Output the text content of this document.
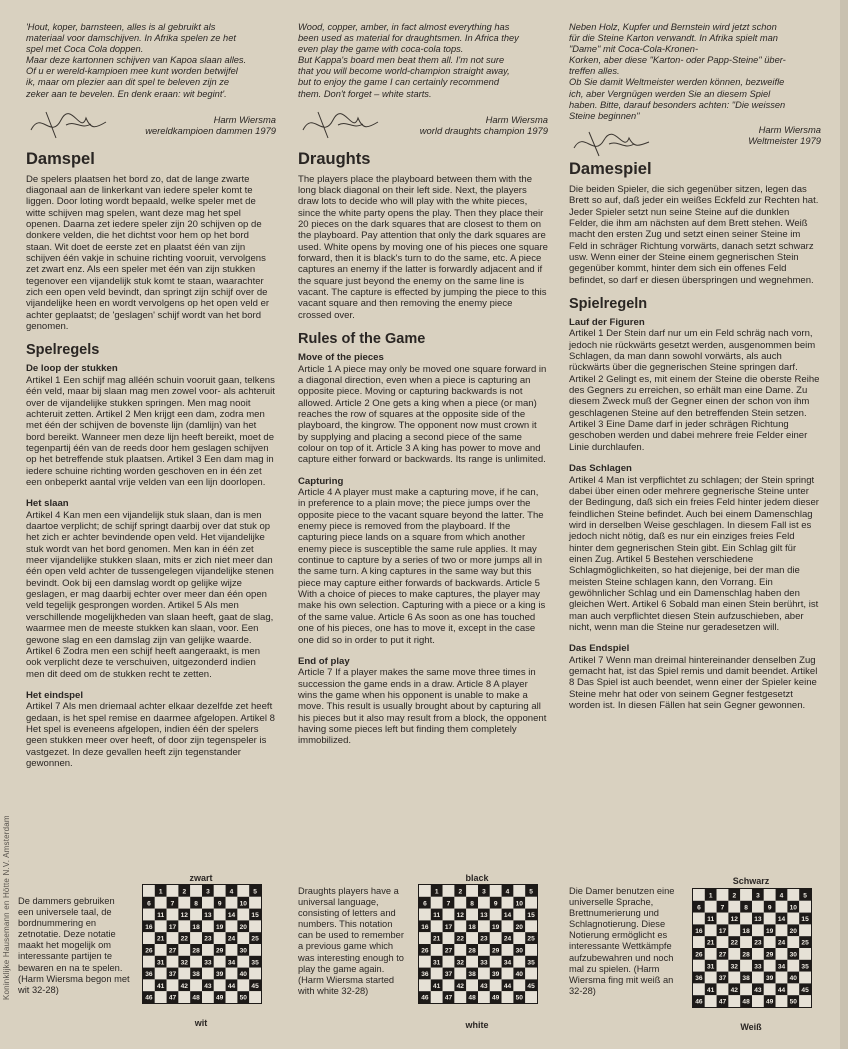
Koninklijke Hausemann en Hötte N.V. Amsterdam

'Hout, koper, barnsteen, alles is al gebruikt als

materiaal voor damschijven. In Afrika spelen ze het

spel met Coca Cola doppen.

Maar deze kartonnen schijven van Kapoa slaan alles.

Of u er wereld-kampioen mee kunt worden betwijfel

ik, maar om plezier aan dit spel te beleven zijn ze

zeker aan te bevelen. En denk eraan: wit begint'.

Harm Wiersma
wereldkampioen dammen 1979
Damspel

De spelers plaatsen het bord zo, dat de lange zwarte diagonaal aan de linkerkant van iedere speler komt te liggen. Door loting wordt bepaald, welke speler met de witte schijven mag spelen, want deze mag het spel openen. Daarna zet iedere speler zijn 20 schijven op de donkere velden, die het dichtst voor hem op het bord staan. Wit doet de eerste zet en plaatst één van zijn schijven één vakje in schuine richting vooruit, vervolgens zet zwart enz. Als een speler met één van zijn stukken tegenover een vijandelijk stuk komt te staan, waarachter zich een open veld bevindt, dan springt zijn schijf over de vijandelijke heen en wordt vervolgens op het open veld er achter geplaatst; de 'geslagen' schijf wordt van het bord genomen.

Spelregels
De loop der stukken

Artikel 1 Een schijf mag alléén schuin vooruit gaan, telkens één veld, maar bij slaan mag men zowel voor- als achteruit over de vijandelijke stukken springen. Men mag nooit achteruit zetten. Artikel 2 Men krijgt een dam, zodra men met één der schijven de bovenste lijn (damlijn) van het bord bereikt. Wanneer men deze lijn heeft bereikt, moet de tegenpartij één van de reeds door hem geslagen schijven op het betreffende stuk plaatsen. Artikel 3 Een dam mag in iedere schuine richting worden geschoven en in één zet een onbeperkt aantal vrije velden van een lijn doorlopen.

Het slaan

Artikel 4 Kan men een vijandelijk stuk slaan, dan is men daartoe verplicht; de schijf springt daarbij over dat stuk op het zich er achter bevindende open veld. Het vijandelijke stuk wordt van het bord genomen. Men kan in één zet meer vijandelijke stukken slaan, mits er zich niet meer dan één open veld achter de tussengelegen vijandelijke stenen bevindt. Ook bij een damslag wordt op gelijke wijze geslagen, er mag daarbij echter over meer dan één open veld tegelijk gesprongen worden. Artikel 5 Als men verschillende mogelijkheden van slaan heeft, gaat de slag, waarmee men de meeste stukken kan slaan, voor. Een gewone slag en een damslag zijn van gelijke waarde. Artikel 6 Zodra men een schijf heeft aangeraakt, is men ook verplicht deze te verschuiven, uitgezonderd indien men dit deed om de stukken recht te zetten.

Het eindspel

Artikel 7 Als men driemaal achter elkaar dezelfde zet heeft gedaan, is het spel remise en daarmee afgelopen. Artikel 8 Het spel is eveneens afgelopen, indien één der spelers geen stukken meer over heeft, of door zijn tegenspeler is vastgezet. In deze gevallen heeft zijn tegenstander gewonnen.

Wood, copper, amber, in fact almost everything has

been used as material for draughtsmen. In Africa they

even play the game with coca-cola tops.

But Kappa's board men beat them all. I'm not sure

that you will become world-champion straight away,

but to enjoy the game I can certainly recommend

them. Don't forget – white starts.

Harm Wiersma
world draughts champion 1979
Draughts

The players place the playboard between them with the long black diagonal on their left side. Next, the players draw lots to decide who will play with the white pieces, since the white party opens the play. Then they place their 20 pieces on the dark squares that are closest to them on the playboard. Pay attention that only the dark squares are used. White opens by moving one of his pieces one square forward, then it is black's turn to do the same, etc. A piece captures an enemy if the latter is forwardly adjacent and if the square just beyond the enemy on the same line is vacant. The capture is effected by jumping the piece to this vacant square and then removing the enemy piece crossed over.

Rules of the Game
Move of the pieces

Article 1 A piece may only be moved one square forward in a diagonal direction, even when a piece is capturing an opposite piece. Moving or capturing backwards is not allowed. Article 2 One gets a king when a piece (or man) reaches the row of squares at the opposite side of the playboard, the kingrow. The opponent now must crown it by supplying and placing a second piece of the same colour on top of it. Article 3 A king has power to move and capture either forward or backwards. Its range is unlimited.

Capturing

Article 4 A player must make a capturing move, if he can, in preference to a plain move; the piece jumps over the opposite piece to the vacant square beyond the latter. The enemy piece is removed from the playboard. If the capturing piece lands on a square from which another enemy piece is susceptible the same rule applies. It may continue to capture by a series of two or more jumps all in the same turn. A king captures in the same way but this piece may capture either forwards of backwards. Article 5 With a choice of pieces to make captures, the player may make his own selection. Capturing with a piece or a king is of the same value. Article 6 As soon as one has touched one of his pieces, one has to move it, except in the case one did so in order to put it right.

End of play

Article 7 If a player makes the same move three times in succession the game ends in a draw. Article 8 A player wins the game when his opponent is unable to make a move. This result is usually brought about by capturing all his pieces but it also may result from a block, the opponent having some pieces left but finding them completely immobilized.

Neben Holz, Kupfer und Bernstein wird jetzt schon

für die Steine Karton verwandt. In Afrika spielt man

"Dame" mit Coca-Cola-Kronen-

Korken, aber diese "Karton- oder Papp-Steine" über-

treffen alles.

Ob Sie damit Weltmeister werden können, bezweifle

ich, aber Vergnügen werden Sie an diesem Spiel

haben. Bitte, darauf besonders achten: "Die weissen

Steine beginnen"

Harm Wiersma
Weltmeister 1979
Damespiel

Die beiden Spieler, die sich gegenüber sitzen, legen das Brett so auf, daß jeder ein weißes Eckfeld zur Rechten hat. Jeder Spieler setzt nun seine Steine auf die dunklen Felder, die ihm am nächsten auf dem Brett stehen. Weiß macht den ersten Zug und setzt einen seiner Steine im Feld in schräger Richtung vorwärts, danach setzt schwarz usw. Wenn einer der Steine einem gegnerischen Stein gegenüber kommt, hinter dem sich ein offenes Feld befindet, so darf er diesen überspringen und wegnehmen.

Spielregeln
Lauf der Figuren

Artikel 1 Der Stein darf nur um ein Feld schräg nach vorn, jedoch nie rückwärts gesetzt werden, ausgenommen beim Schlagen, da man dann sowohl vorwärts, als auch rückwärts über die gegnerischen Steine springen darf. Artikel 2 Gelingt es, mit einem der Steine die oberste Reihe des Gegners zu erreichen, so erhält man eine Dame. Zu diesem Zweck muß der Gegner einen der schon von ihm geschlagenen Steine auf den betreffenden Stein setzen. Artikel 3 Eine Dame darf in jeder schrägen Richtung geschoben werden und dabei mehrere freie Felder einer Linie durchlaufen.

Das Schlagen

Artikel 4 Man ist verpflichtet zu schlagen; der Stein springt dabei über einen oder mehrere gegnerische Steine unter der Bedingung, daß sich ein freies Feld hinter jedem dieser feindlichen Steine befindet. Auch bei einem Damenschlag wird in derselben Weise geschlagen. In diesem Fall ist es jedoch nicht nötig, daß es nur ein einziges freies Feld hinter dem gegnerischen Stein gibt. Ein Schlag gilt für einen Zug. Artikel 5 Bestehen verschiedene Schlagmöglichkeiten, so hat diejenige, bei der man die meisten Steine schlagen kann, den Vorrang. Ein gewöhnlicher Schlag und ein Damenschlag haben den gleichen Wert. Artikel 6 Sobald man einen Stein berührt, ist man auch verpflichtet diesen Stein aufzuschieben, aber nicht, wenn man die Steine nur geradesetzen will.

Das Endspiel

Artikel 7 Wenn man dreimal hintereinander denselben Zug gemacht hat, ist das Spiel remis und damit beendet. Artikel 8 Das Spiel ist auch beendet, wenn einer der Spieler keine Steine mehr hat oder von seinem Gegner festgesetzt worden ist. In diesen Fällen hat sein Gegner gewonnen.

De dammers gebruiken een universele taal, de bordnummering en zetnotatie. Deze notatie maakt het mogelijk om interessante partijen te bewaren en na te spelen. (Harm Wiersma begon met wit 32-28)
zwart
1	2	3	4	5
6	7	8	9	10
11 12 13 14 15
16 17 18 19 20
21 22 23 24 25
26 27 28 29 30
31 32 33 34 35
36 37 38 39 40
41 42 43 44 45
46 47 48 49 50
wit
Draughts players have a universal language, consisting of letters and numbers. This notation can be used to remember a previous game which was interesting enough to play the game again. (Harm Wiersma started with white 32-28)
black
1	2	3	4	5
6	7	8	9	10
11 12 13 14 15
16 17 18 19 20
21 22 23 24 25
26 27 28 29 30
31 32 33 34 35
36 37 38 39 40
41 42 43 44 45
46 47 48 49 50
white
Die Damer benutzen eine universelle Sprache, Brettnumerierung und Schlagnotierung. Diese Notierung ermöglicht es interessante Wettkämpfe aufzubewahren und noch mal zu spielen. (Harm Wiersma fing mit weiß an 32-28)
Schwarz
1	2	3	4	5
6	7	8	9	10
11 12 13 14 15
16 17 18 19 20
21 22 23 24 25
26 27 28 29 30
31 32 33 34 35
36 37 38 39 40
41 42 43 44 45
46 47 48 49 50
Weiß
